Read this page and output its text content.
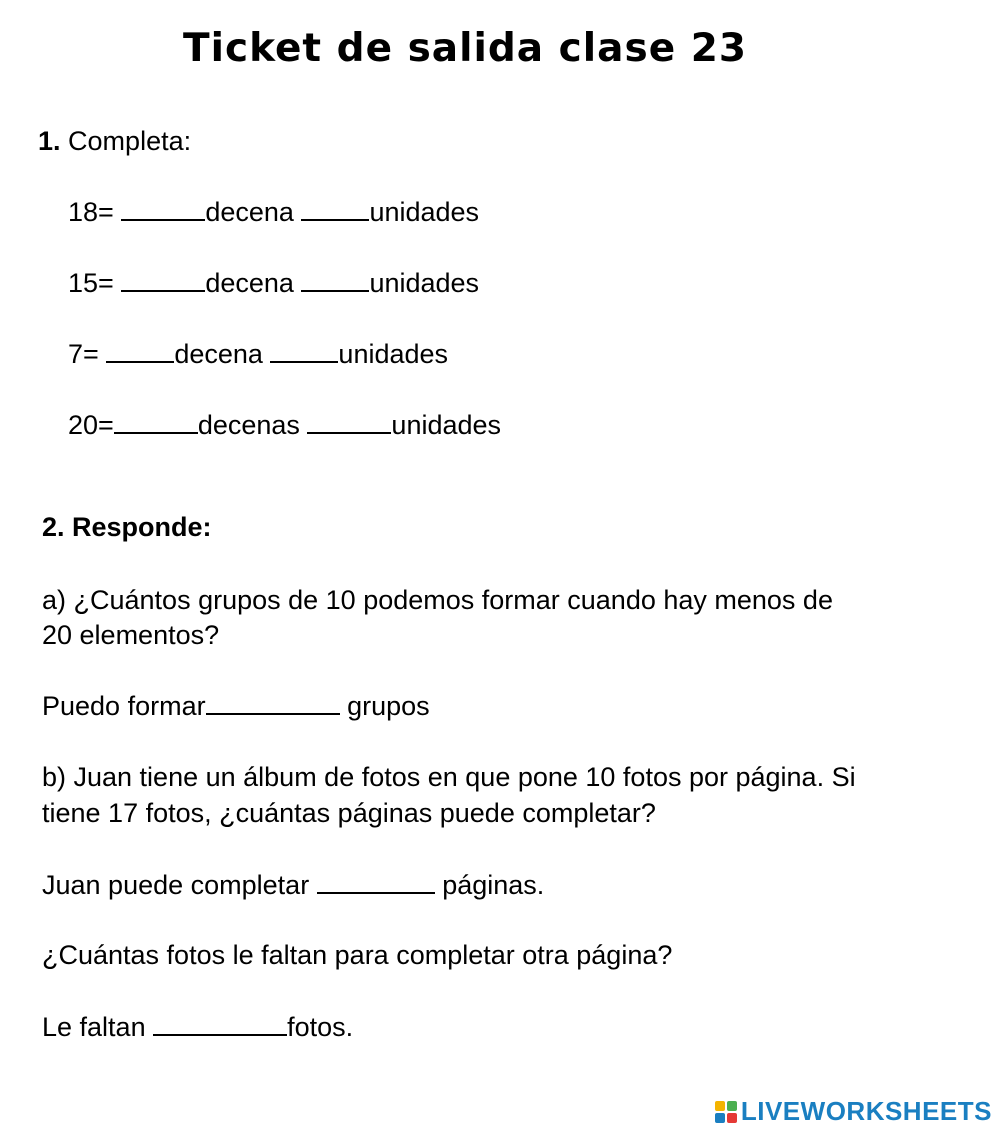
Ticket de salida clase 23
1. Completa:
18=	decena	unidades
15=	decena	unidades
7=	decena	unidades
20=	decenas	unidades
2. Responde:
a) ¿Cuántos grupos de 10 podemos formar cuando hay menos de
20 elementos?
Puedo formar	grupos
b) Juan tiene un álbum de fotos en que pone 10 fotos por página. Si
tiene 17 fotos, ¿cuántas páginas puede completar?
Juan puede completar	páginas.
¿Cuántas fotos le faltan para completar otra página?
Le faltan	fotos.
LIVEWORKSHEETS
